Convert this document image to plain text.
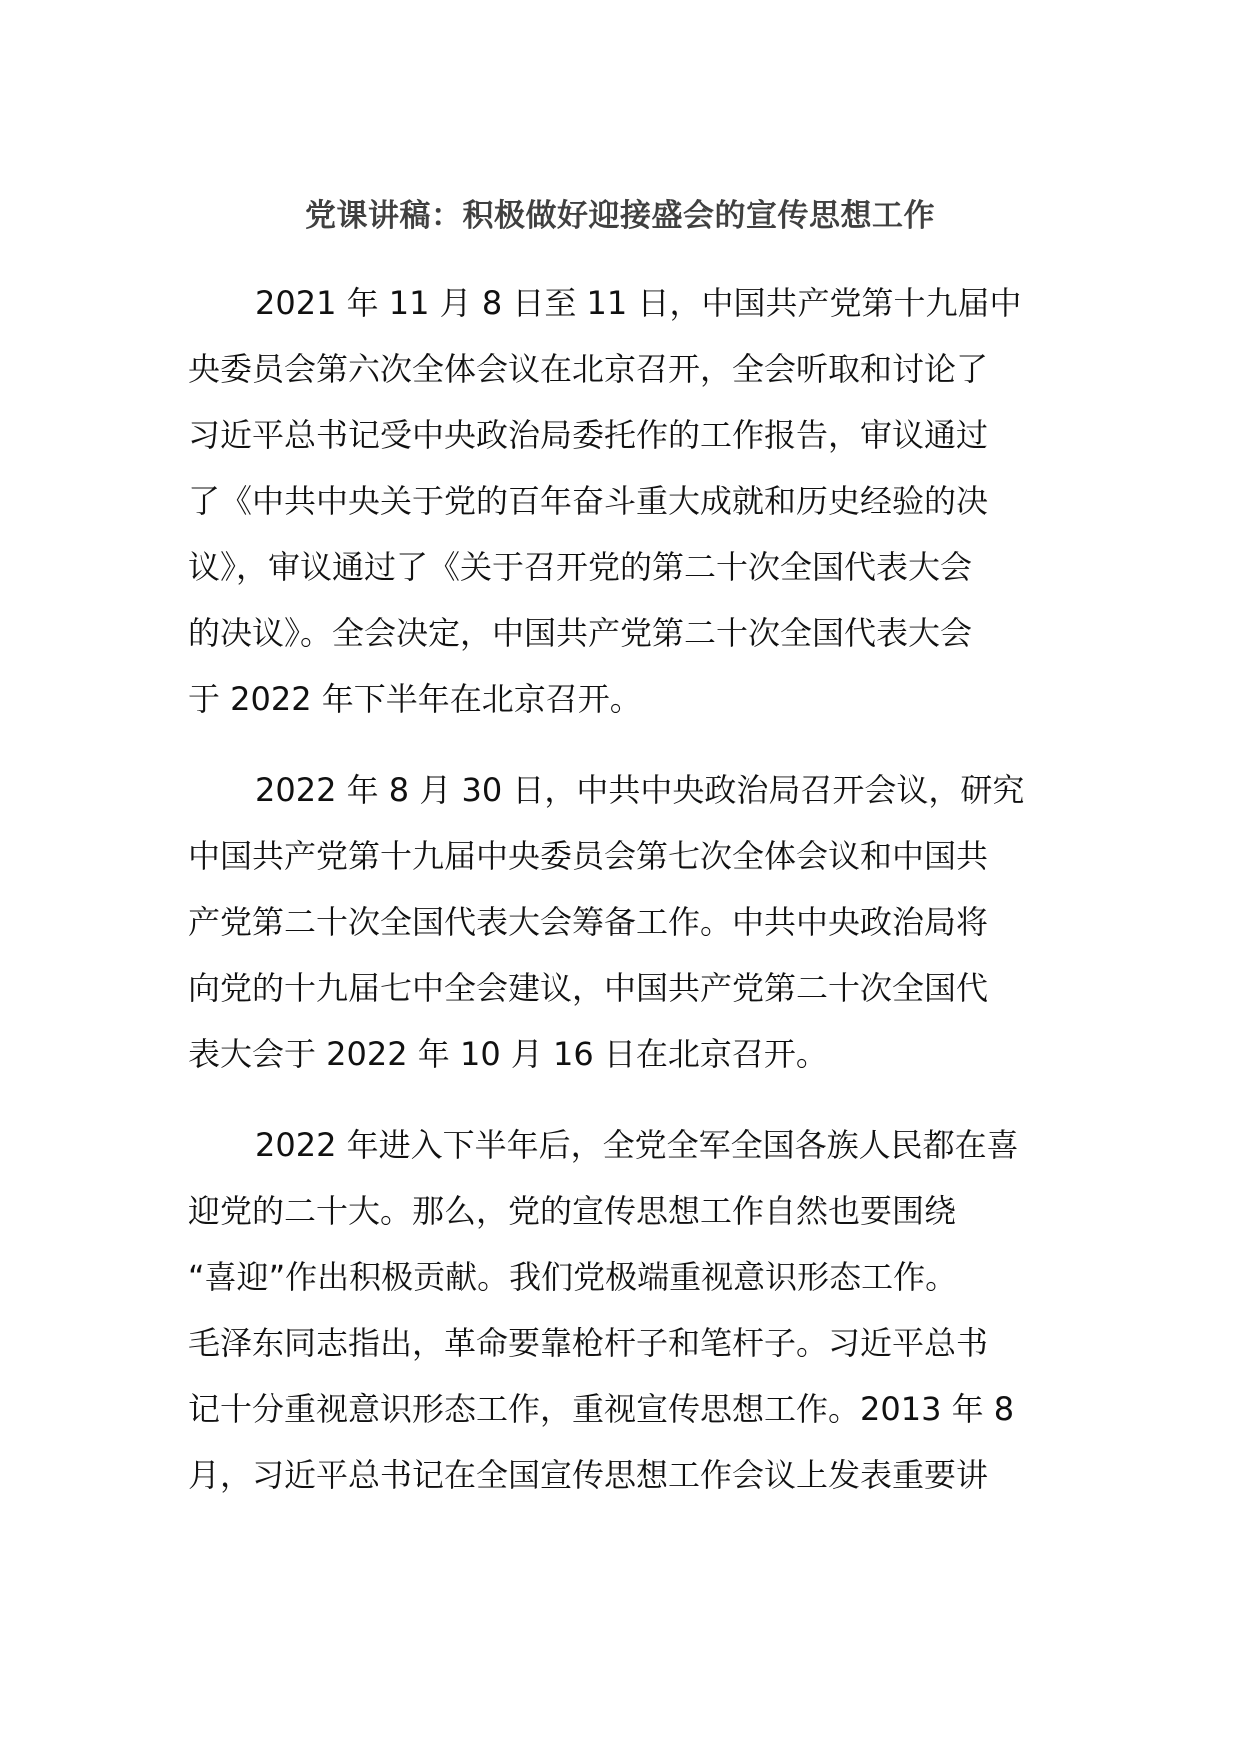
党课讲稿：积极做好迎接盛会的宣传思想工作
2021 年 11 月 8 日至 11 日，中国共产党第十九届中
央委员会第六次全体会议在北京召开，全会听取和讨论了
习近平总书记受中央政治局委托作的工作报告，审议通过
了《中共中央关于党的百年奋斗重大成就和历史经验的决
议》，审议通过了《关于召开党的第二十次全国代表大会
的决议》。全会决定，中国共产党第二十次全国代表大会
于 2022 年下半年在北京召开。
2022 年 8 月 30 日，中共中央政治局召开会议，研究
中国共产党第十九届中央委员会第七次全体会议和中国共
产党第二十次全国代表大会筹备工作。中共中央政治局将
向党的十九届七中全会建议，中国共产党第二十次全国代
表大会于 2022 年 10 月 16 日在北京召开。
2022 年进入下半年后，全党全军全国各族人民都在喜
迎党的二十大。那么，党的宣传思想工作自然也要围绕
“喜迎”作出积极贡献。我们党极端重视意识形态工作。
毛泽东同志指出，革命要靠枪杆子和笔杆子。习近平总书
记十分重视意识形态工作，重视宣传思想工作。2013 年 8
月，习近平总书记在全国宣传思想工作会议上发表重要讲
